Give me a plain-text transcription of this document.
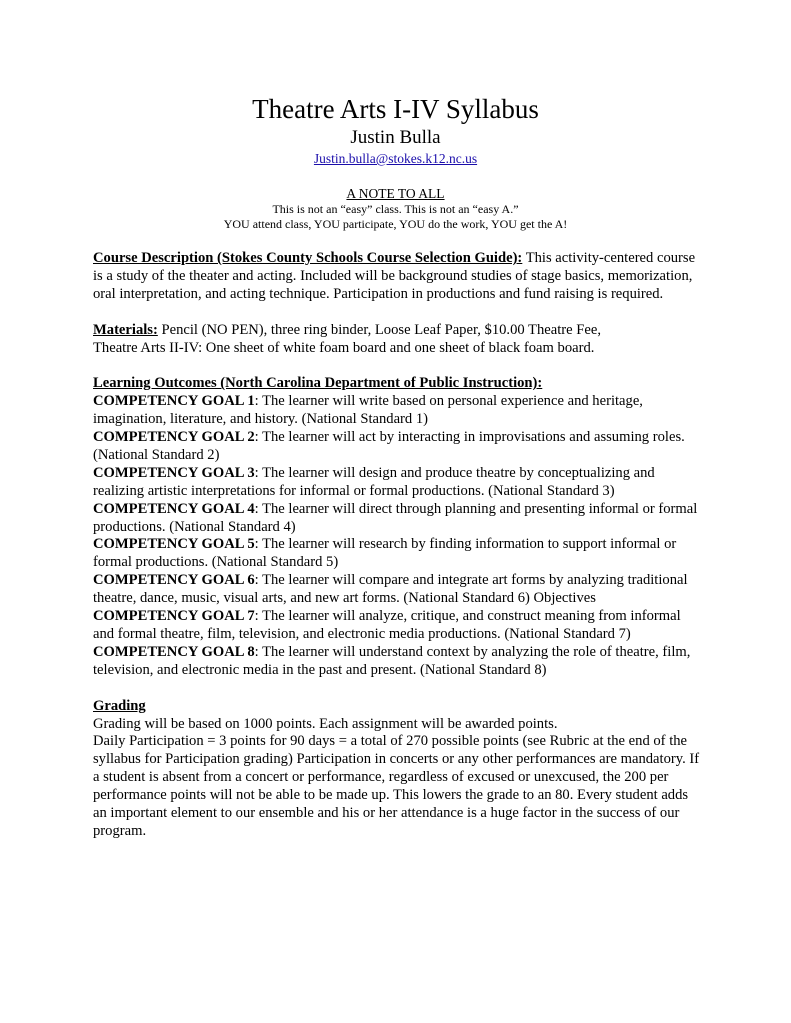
Theatre Arts I-IV Syllabus
Justin Bulla
Justin.bulla@stokes.k12.nc.us
A NOTE TO ALL
This is not an “easy” class. This is not an “easy A.”
YOU attend class, YOU participate, YOU do the work, YOU get the A!

Course Description (Stokes County Schools Course Selection Guide): This activity-centered course is a study of the theater and acting. Included will be background studies of stage basics, memorization, oral interpretation, and acting technique. Participation in productions and fund raising is required.

Materials: Pencil (NO PEN), three ring binder, Loose Leaf Paper, $10.00 Theatre Fee,

Theatre Arts II-IV: One sheet of white foam board and one sheet of black foam board.

Learning Outcomes (North Carolina Department of Public Instruction):

COMPETENCY GOAL 1: The learner will write based on personal experience and heritage, imagination, literature, and history. (National Standard 1)

COMPETENCY GOAL 2: The learner will act by interacting in improvisations and assuming roles. (National Standard 2)

COMPETENCY GOAL 3: The learner will design and produce theatre by conceptualizing and realizing artistic interpretations for informal or formal productions. (National Standard 3)

COMPETENCY GOAL 4: The learner will direct through planning and presenting informal or formal productions. (National Standard 4)

COMPETENCY GOAL 5: The learner will research by finding information to support informal or formal productions. (National Standard 5)

COMPETENCY GOAL 6: The learner will compare and integrate art forms by analyzing traditional theatre, dance, music, visual arts, and new art forms. (National Standard 6) Objectives

COMPETENCY GOAL 7: The learner will analyze, critique, and construct meaning from informal and formal theatre, film, television, and electronic media productions. (National Standard 7)

COMPETENCY GOAL 8: The learner will understand context by analyzing the role of theatre, film, television, and electronic media in the past and present. (National Standard 8)

Grading

Grading will be based on 1000 points. Each assignment will be awarded points.

Daily Participation = 3 points for 90 days = a total of 270 possible points (see Rubric at the end of the syllabus for Participation grading) Participation in concerts or any other performances are mandatory. If a student is absent from a concert or performance, regardless of excused or unexcused, the 200 per performance points will not be able to be made up. This lowers the grade to an 80. Every student adds an important element to our ensemble and his or her attendance is a huge factor in the success of our program.
